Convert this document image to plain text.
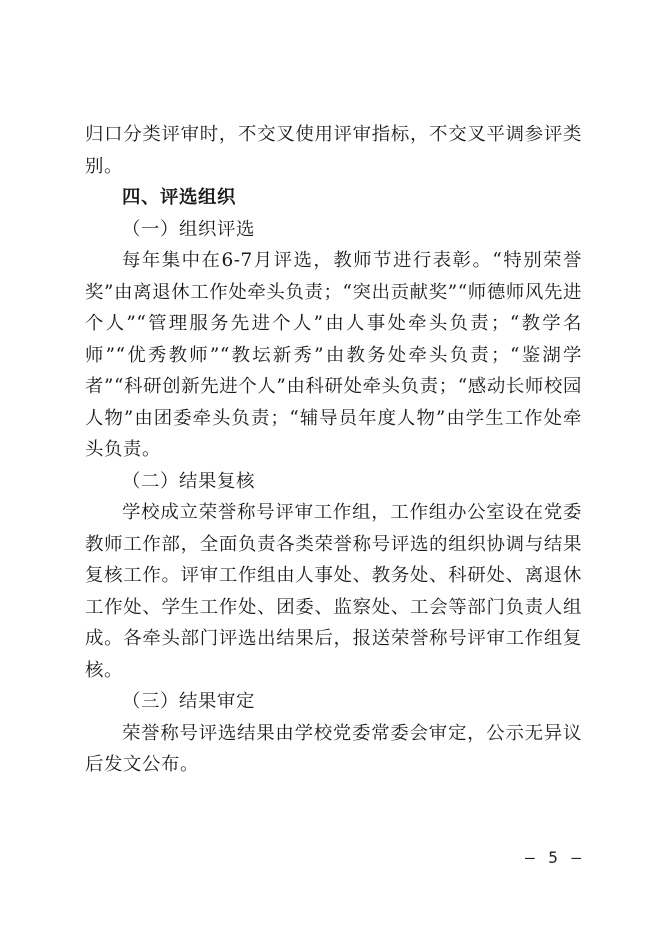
归口分类评审时，不交叉使用评审指标，不交叉平调参评类别。

四、评选组织

（一）组织评选

每年集中在6-7月评选，教师节进行表彰。“特别荣誉奖”由离退休工作处牵头负责；“突出贡献奖”“师德师风先进个人”“管理服务先进个人”由人事处牵头负责；“教学名师”“优秀教师”“教坛新秀”由教务处牵头负责；“鉴湖学者”“科研创新先进个人”由科研处牵头负责；“感动长师校园人物”由团委牵头负责；“辅导员年度人物”由学生工作处牵头负责。

（二）结果复核

学校成立荣誉称号评审工作组，工作组办公室设在党委教师工作部，全面负责各类荣誉称号评选的组织协调与结果复核工作。评审工作组由人事处、教务处、科研处、离退休工作处、学生工作处、团委、监察处、工会等部门负责人组成。各牵头部门评选出结果后，报送荣誉称号评审工作组复核。

（三）结果审定

荣誉称号评选结果由学校党委常委会审定，公示无异议后发文公布。

— 5 —
